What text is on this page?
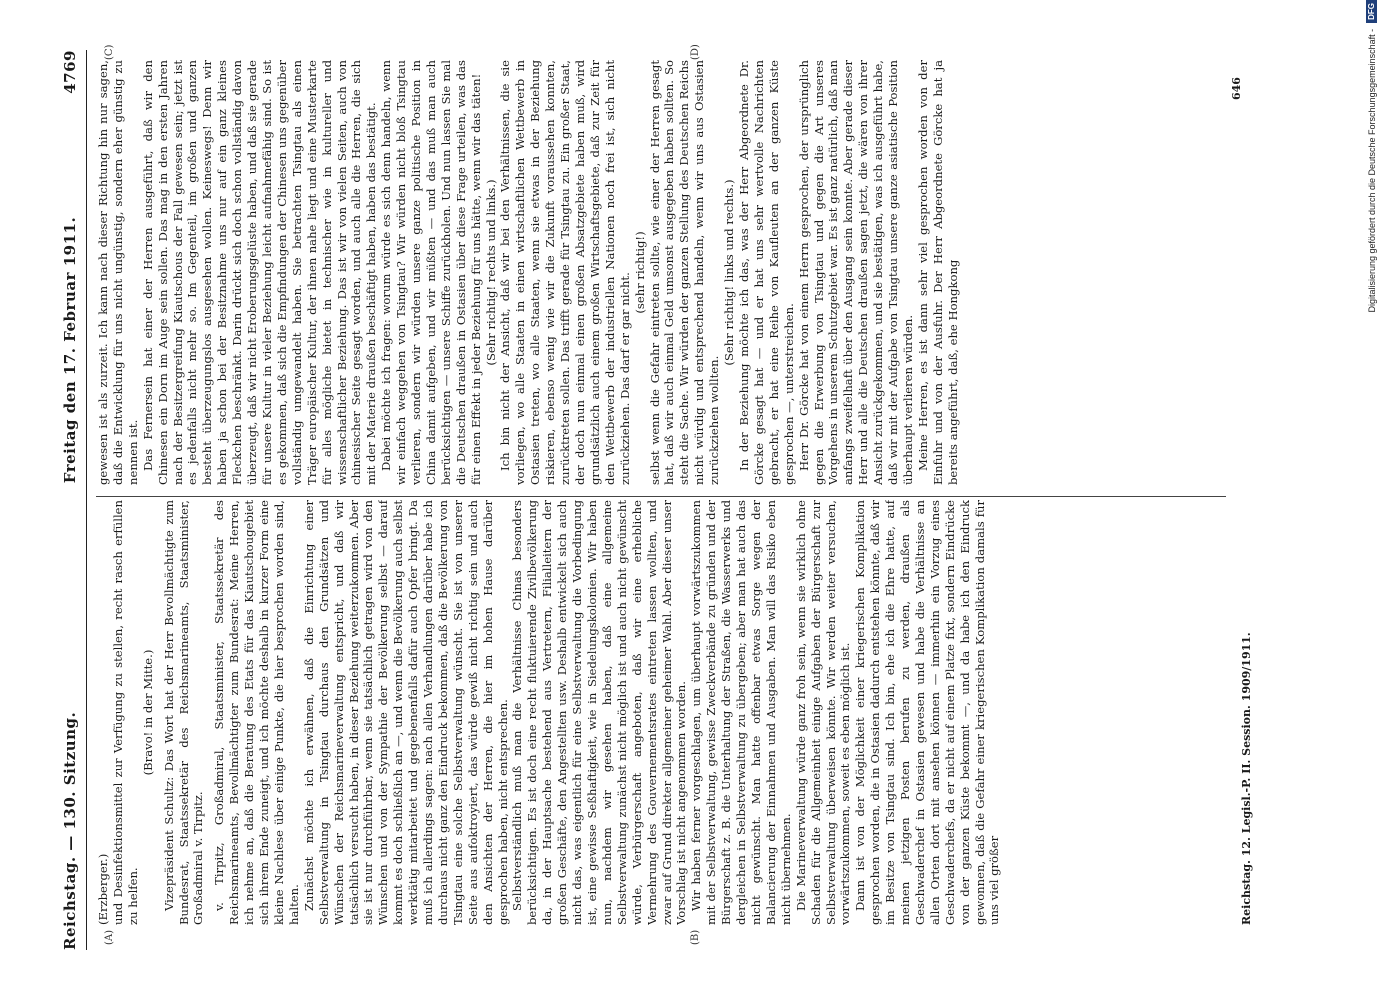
Reichstag. — 130. Sitzung.
Freitag den 17. Februar 1911.
4769
(A)	(B)
(C)	(D)

(Erzberger.) und Desinfektionsmittel zur Verfügung zu stellen, recht rasch erfüllen zu helfen.

(Bravo! in der Mitte.) Vizepräsident Schultz: Das Wort hat der Herr Bevollmächtigte zum Bundesrat, Staatssekretär des Reichsmarineamts, Staatsminister, Großadmiral v. Tirpitz. v. Tirpitz, Großadmiral, Staatsminister, Staatssekretär des Reichsmarineamts, Bevollmächtigter zum Bundesrat: Meine Herren, ich nehme an, daß die Beratung des Etats für das Kiautschougebiet sich ihrem Ende zuneigt, und ich möchte deshalb in kurzer Form eine kleine Nachlese über einige Punkte, die hier besprochen worden sind, halten. Zunächst möchte ich erwähnen, daß die Einrichtung einer Selbstverwaltung in Tsingtau durchaus den Grundsätzen und Wünschen der Reichsmarineverwaltung entspricht, und daß wir tatsächlich versucht haben, in dieser Beziehung weiterzukommen. Aber sie ist nur durchführbar, wenn sie tatsächlich getragen wird von den Wünschen und von der Sympathie der Bevölkerung selbst — darauf kommt es doch schließlich an —, und wenn die Bevölkerung auch selbst werktätig mitarbeitet und gegebenenfalls dafür auch Opfer bringt. Da muß ich allerdings sagen: nach allen Verhandlungen darüber habe ich durchaus nicht ganz den Eindruck bekommen, daß die Bevölkerung von Tsingtau eine solche Selbstverwaltung wünscht. Sie ist von unserer Seite aus aufoktroyiert, das würde gewiß nicht richtig sein und auch den Ansichten der Herren, die hier im hohen Hause darüber gesprochen haben, nicht entsprechen. Selbstverständlich muß man die Verhältnisse Chinas besonders berücksichtigen. Es ist doch eine recht fluktuierende Zivilbevölkerung da, in der Hauptsache bestehend aus Vertretern, Filialleitern der großen Geschäfte, den Angestellten usw. Deshalb entwickelt sich auch nicht das, was eigentlich für eine Selbstverwaltung die Vorbedingung ist, eine gewisse Seßhaftigkeit, wie in Siedelungskolonien. Wir haben nun, nachdem wir gesehen haben, daß eine allgemeine Selbstverwaltung zunächst nicht möglich ist und auch nicht gewünscht würde, Verbürgerschaft angeboten, daß wir eine erhebliche Vermehrung des Gouvernementsrates eintreten lassen wollten, und zwar auf Grund direkter allgemeiner geheimer Wahl. Aber dieser unser Vorschlag ist nicht angenommen worden. Wir haben ferner vorgeschlagen, um überhaupt vorwärtszukommen mit der Selbstverwaltung, gewisse Zweckverbände zu gründen und der Bürgerschaft z. B. die Unterhaltung der Straßen, die Wasserwerks und dergleichen in Selbstverwaltung zu übergeben; aber man hat auch das nicht gewünscht. Man hatte offenbar etwas Sorge wegen der Balancierung der Einnahmen und Ausgaben. Man will das Risiko eben nicht übernehmen. Die Marineverwaltung würde ganz froh sein, wenn sie wirklich ohne Schaden für die Allgemeinheit einige Aufgaben der Bürgerschaft zur Selbstverwaltung überweisen könnte. Wir werden weiter versuchen, vorwärtszukommen, soweit es eben möglich ist. Dann ist von der Möglichkeit einer kriegerischen Komplikation gesprochen worden, die in Ostasien dadurch entstehen könnte, daß wir im Besitze von Tsingtau sind. Ich bin, ehe ich die Ehre hatte, auf meinen jetzigen Posten berufen zu werden, draußen als Geschwaderchef in Ostasien gewesen und habe die Verhältnisse an allen Orten dort mit ansehen können — immerhin ein Vorzug eines Geschwaderchefs, da er nicht auf einem Platze fixt, sondern Eindrücke von der ganzen Küste bekommt —, und da habe ich den Eindruck gewonnen, daß die Gefahr einer kriegerischen Komplikation damals für uns viel größer

gewesen ist als zurzeit. Ich kann nach dieser Richtung hin nur sagen, daß die Entwicklung für uns nicht ungünstig, sondern eher günstig zu nennen ist. Das Fernersein hat einer der Herren ausgeführt, daß wir den Chinesen ein Dorn im Auge sein sollen. Das mag in den ersten Jahren nach der Besitzergreifung Kiautschous der Fall gewesen sein; jetzt ist es jedenfalls nicht mehr so. Im Gegenteil, im großen und ganzen besteht überzeugungslos ausgesehen wollen. Keineswegs! Denn wir haben ja schon bei der Besitznahme uns nur auf ein ganz kleines Fleckchen beschränkt. Darin drückt sich doch schon vollständig davon überzeugt, daß wir nicht Eroberungsgelüste haben, und daß sie gerade für unsere Kultur in vieler Beziehung leicht aufnahmefähig sind. So ist es gekommen, daß sich die Empfindungen der Chinesen uns gegenüber vollständig umgewandelt haben. Sie betrachten Tsingtau als einen Träger europäischer Kultur, der ihnen nahe liegt und eine Musterkarte für alles mögliche bietet in technischer wie in kultureller und wissenschaftlicher Beziehung. Das ist wir von vielen Seiten, auch von chinesischer Seite gesagt worden, und auch alle die Herren, die sich mit der Materie draußen beschäftigt haben, haben das bestätigt. Dabei möchte ich fragen: worum würde es sich denn handeln, wenn wir einfach weggehen von Tsingtau? Wir würden nicht bloß Tsingtau verlieren, sondern wir würden unsere ganze politische Position in China damit aufgeben, und wir müßten — und das muß man auch berücksichtigen — unsere Schiffe zurückholen. Und nun lassen Sie mal die Deutschen draußen in Ostasien über diese Frage urteilen, was das für einen Effekt in jeder Beziehung für uns hätte, wenn wir das täten! (Sehr richtig! rechts und links.) Ich bin nicht der Ansicht, daß wir bei den Verhältnissen, die sie vorliegen, wo alle Staaten in einen wirtschaftlichen Wettbewerb in Ostasien treten, wo alle Staaten, wenn sie etwas in der Beziehung riskieren, ebenso wenig wie wir die Zukunft voraussehen konnten, zurücktreten sollen. Das trifft gerade für Tsingtau zu. Ein großer Staat, der doch nun einmal einen großen Absatzgebiete haben muß, wird grundsätzlich auch einem großen Wirtschaftsgebiete, daß zur Zeit für den Wettbewerb der industriellen Nationen noch frei ist, sich nicht zurückziehen. Das darf er gar nicht. (sehr richtig!) selbst wenn die Gefahr eintreten sollte, wie einer der Herren gesagt hat, daß wir auch einmal Geld umsonst ausgegeben haben sollten. So steht die Sache. Wir würden der ganzen Stellung des Deutschen Reichs nicht würdig und entsprechend handeln, wenn wir uns aus Ostasien zurückziehen wollten.

(Sehr richtig! links und rechts.) In der Beziehung möchte ich das, was der Herr Abgeordnete Dr. Görcke gesagt hat — und er hat uns sehr wertvolle Nachrichten gebracht, er hat eine Reihe von Kaufleuten an der ganzen Küste gesprochen —, unterstreichen. Herr Dr. Görcke hat von einem Herrn gesprochen, der ursprünglich gegen die Erwerbung von Tsingtau und gegen die Art unseres Vorgehens in unserem Schutzgebiet war. Es ist ganz natürlich, daß man anfangs zweifelhaft über den Ausgang sein konnte. Aber gerade dieser Herr und alle die Deutschen draußen sagen jetzt, die wären von ihrer Ansicht zurückgekommen, und sie bestätigen, was ich ausgeführt habe, daß wir mit der Aufgabe von Tsingtau unsere ganze asiatische Position überhaupt verlieren würden. Meine Herren, es ist dann sehr viel gesprochen worden von der Einfuhr und von der Ausfuhr. Der Herr Abgeordnete Görcke hat ja bereits angeführt, daß, ehe Hongkong

Reichstag. 12. Legisl.-P. II. Session. 1909/1911.
646	Digitalisierung gefördert durch die Deutsche Forschungsgemeinschaft -
DFG
